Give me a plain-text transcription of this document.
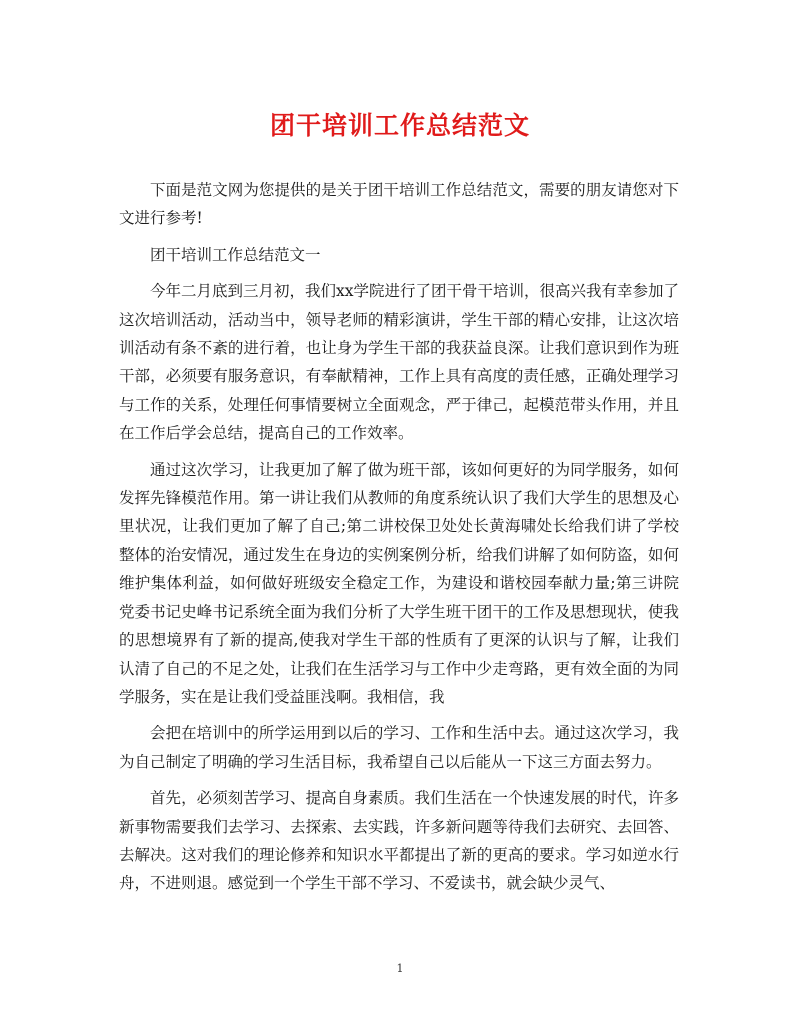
团干培训工作总结范文

下面是范文网为您提供的是关于团干培训工作总结范文，需要的朋友请您对下文进行参考!

团干培训工作总结范文一

今年二月底到三月初，我们xx学院进行了团干骨干培训，很高兴我有幸参加了这次培训活动，活动当中，领导老师的精彩演讲，学生干部的精心安排，让这次培训活动有条不紊的进行着，也让身为学生干部的我获益良深。让我们意识到作为班干部，必须要有服务意识，有奉献精神，工作上具有高度的责任感，正确处理学习与工作的关系，处理任何事情要树立全面观念，严于律己，起模范带头作用，并且在工作后学会总结，提高自己的工作效率。

通过这次学习，让我更加了解了做为班干部，该如何更好的为同学服务，如何发挥先锋模范作用。第一讲让我们从教师的角度系统认识了我们大学生的思想及心里状况，让我们更加了解了自己;第二讲校保卫处处长黄海啸处长给我们讲了学校整体的治安情况，通过发生在身边的实例案例分析，给我们讲解了如何防盗，如何维护集体利益，如何做好班级安全稳定工作，为建设和谐校园奉献力量;第三讲院党委书记史峰书记系统全面为我们分析了大学生班干团干的工作及思想现状，使我的思想境界有了新的提高,使我对学生干部的性质有了更深的认识与了解，让我们认清了自己的不足之处，让我们在生活学习与工作中少走弯路，更有效全面的为同学服务，实在是让我们受益匪浅啊。我相信，我

会把在培训中的所学运用到以后的学习、工作和生活中去。通过这次学习，我为自己制定了明确的学习生活目标，我希望自己以后能从一下这三方面去努力。

首先，必须刻苦学习、提高自身素质。我们生活在一个快速发展的时代，许多新事物需要我们去学习、去探索、去实践，许多新问题等待我们去研究、去回答、去解决。这对我们的理论修养和知识水平都提出了新的更高的要求。学习如逆水行舟，不进则退。感觉到一个学生干部不学习、不爱读书，就会缺少灵气、

1
